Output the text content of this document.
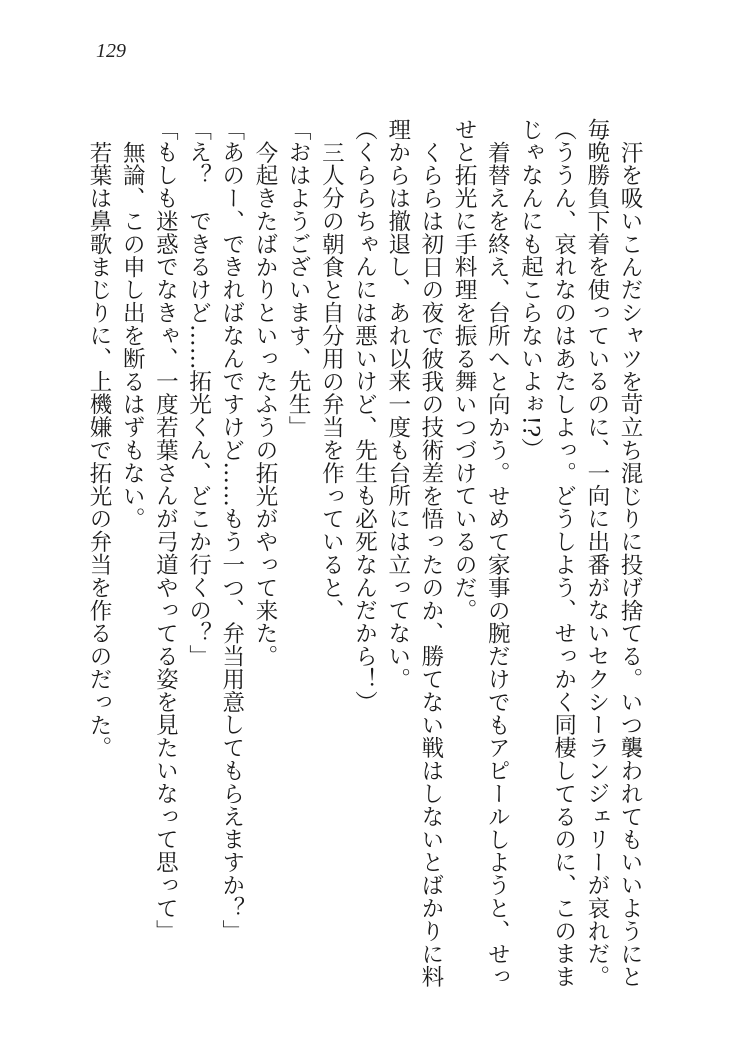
129
汗を吸いこんだシャツを苛立ち混じりに投げ捨てる。いつ襲われてもいいようにと
毎晩勝負下着を使っているのに、一向に出番がないセクシーランジェリーが哀れだ。
（ううん、哀れなのはあたしよっ。どうしよう、せっかく同棲してるのに、このまま
じゃなんにも起こらないよぉ!?）
着替えを終え、台所へと向かう。せめて家事の腕だけでもアピールしようと、せっ
せと拓光に手料理を振る舞いつづけているのだ。
くららは初日の夜で彼我の技術差を悟ったのか、勝てない戦はしないとばかりに料
理からは撤退し、あれ以来一度も台所には立ってない。
（くららちゃんには悪いけど、先生も必死なんだから！）
三人分の朝食と自分用の弁当を作っていると、
「おはようございます、先生」
今起きたばかりといったふうの拓光がやって来た。
「あのー、できればなんですけど……もう一つ、弁当用意してもらえますか？」
「え？　できるけど……拓光くん、どこか行くの？」
「もしも迷惑でなきゃ、一度若葉さんが弓道やってる姿を見たいなって思って」
無論、この申し出を断るはずもない。
若葉は鼻歌まじりに、上機嫌で拓光の弁当を作るのだった。
